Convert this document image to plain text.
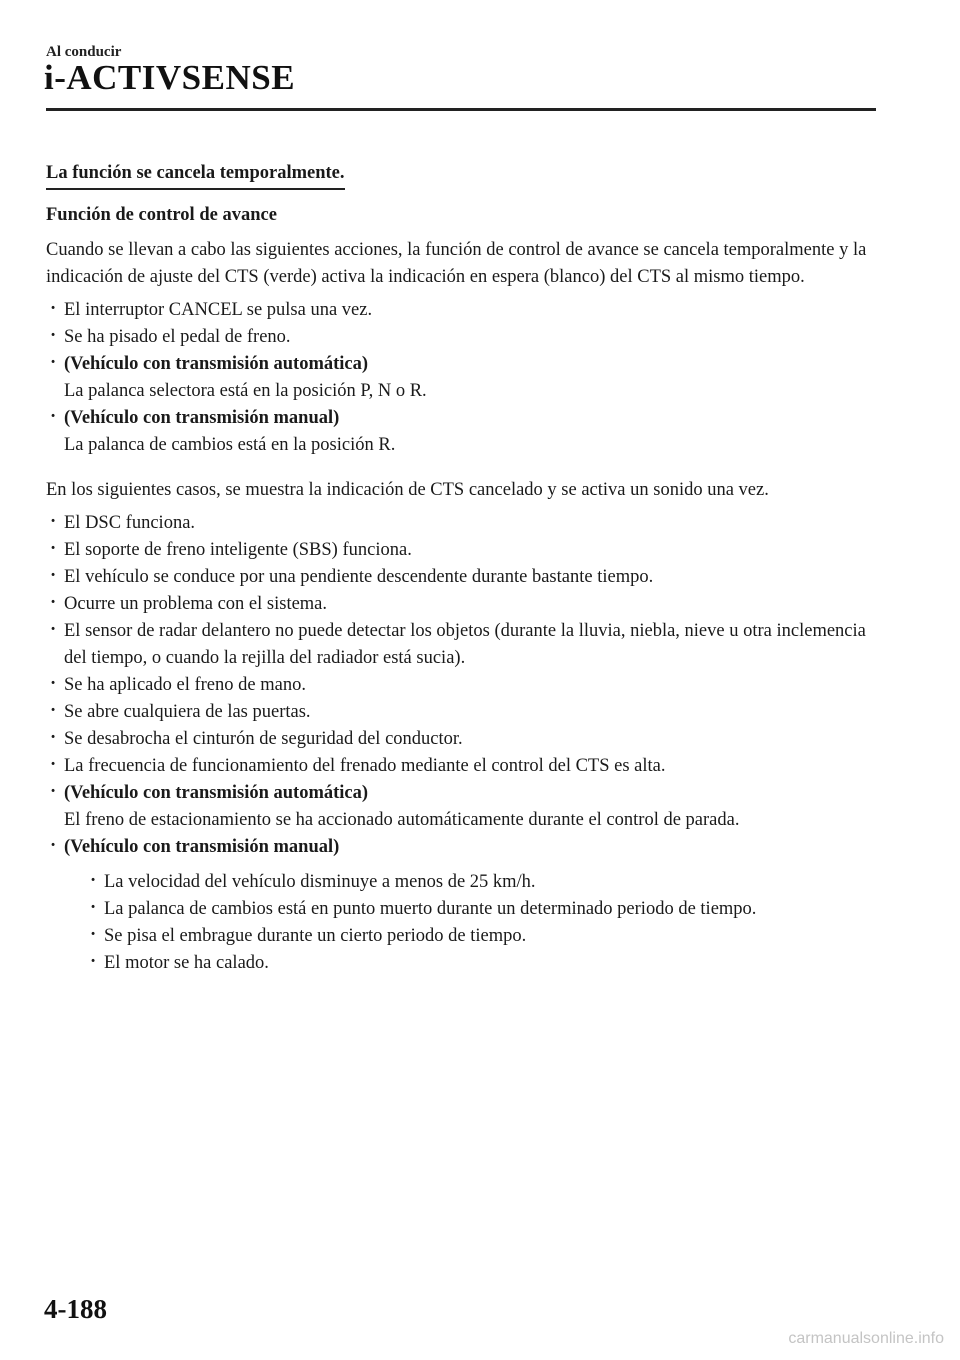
Al conducir
i-ACTIVSENSE
La función se cancela temporalmente.
Función de control de avance
Cuando se llevan a cabo las siguientes acciones, la función de control de avance se cancela temporalmente y la indicación de ajuste del CTS (verde) activa la indicación en espera (blanco) del CTS al mismo tiempo.
· El interruptor CANCEL se pulsa una vez.
· Se ha pisado el pedal de freno.
· (Vehículo con transmisión automática)
La palanca selectora está en la posición P, N o R.
· (Vehículo con transmisión manual)
La palanca de cambios está en la posición R.
En los siguientes casos, se muestra la indicación de CTS cancelado y se activa un sonido una vez.
· El DSC funciona.
· El soporte de freno inteligente (SBS) funciona.
· El vehículo se conduce por una pendiente descendente durante bastante tiempo.
· Ocurre un problema con el sistema.
· El sensor de radar delantero no puede detectar los objetos (durante la lluvia, niebla, nieve u otra inclemencia del tiempo, o cuando la rejilla del radiador está sucia).
· Se ha aplicado el freno de mano.
· Se abre cualquiera de las puertas.
· Se desabrocha el cinturón de seguridad del conductor.
· La frecuencia de funcionamiento del frenado mediante el control del CTS es alta.
· (Vehículo con transmisión automática)
El freno de estacionamiento se ha accionado automáticamente durante el control de parada.
· (Vehículo con transmisión manual)
· La velocidad del vehículo disminuye a menos de 25 km/h.
· La palanca de cambios está en punto muerto durante un determinado periodo de tiempo.
· Se pisa el embrague durante un cierto periodo de tiempo.
· El motor se ha calado.
4-188
carmanualsonline.info
